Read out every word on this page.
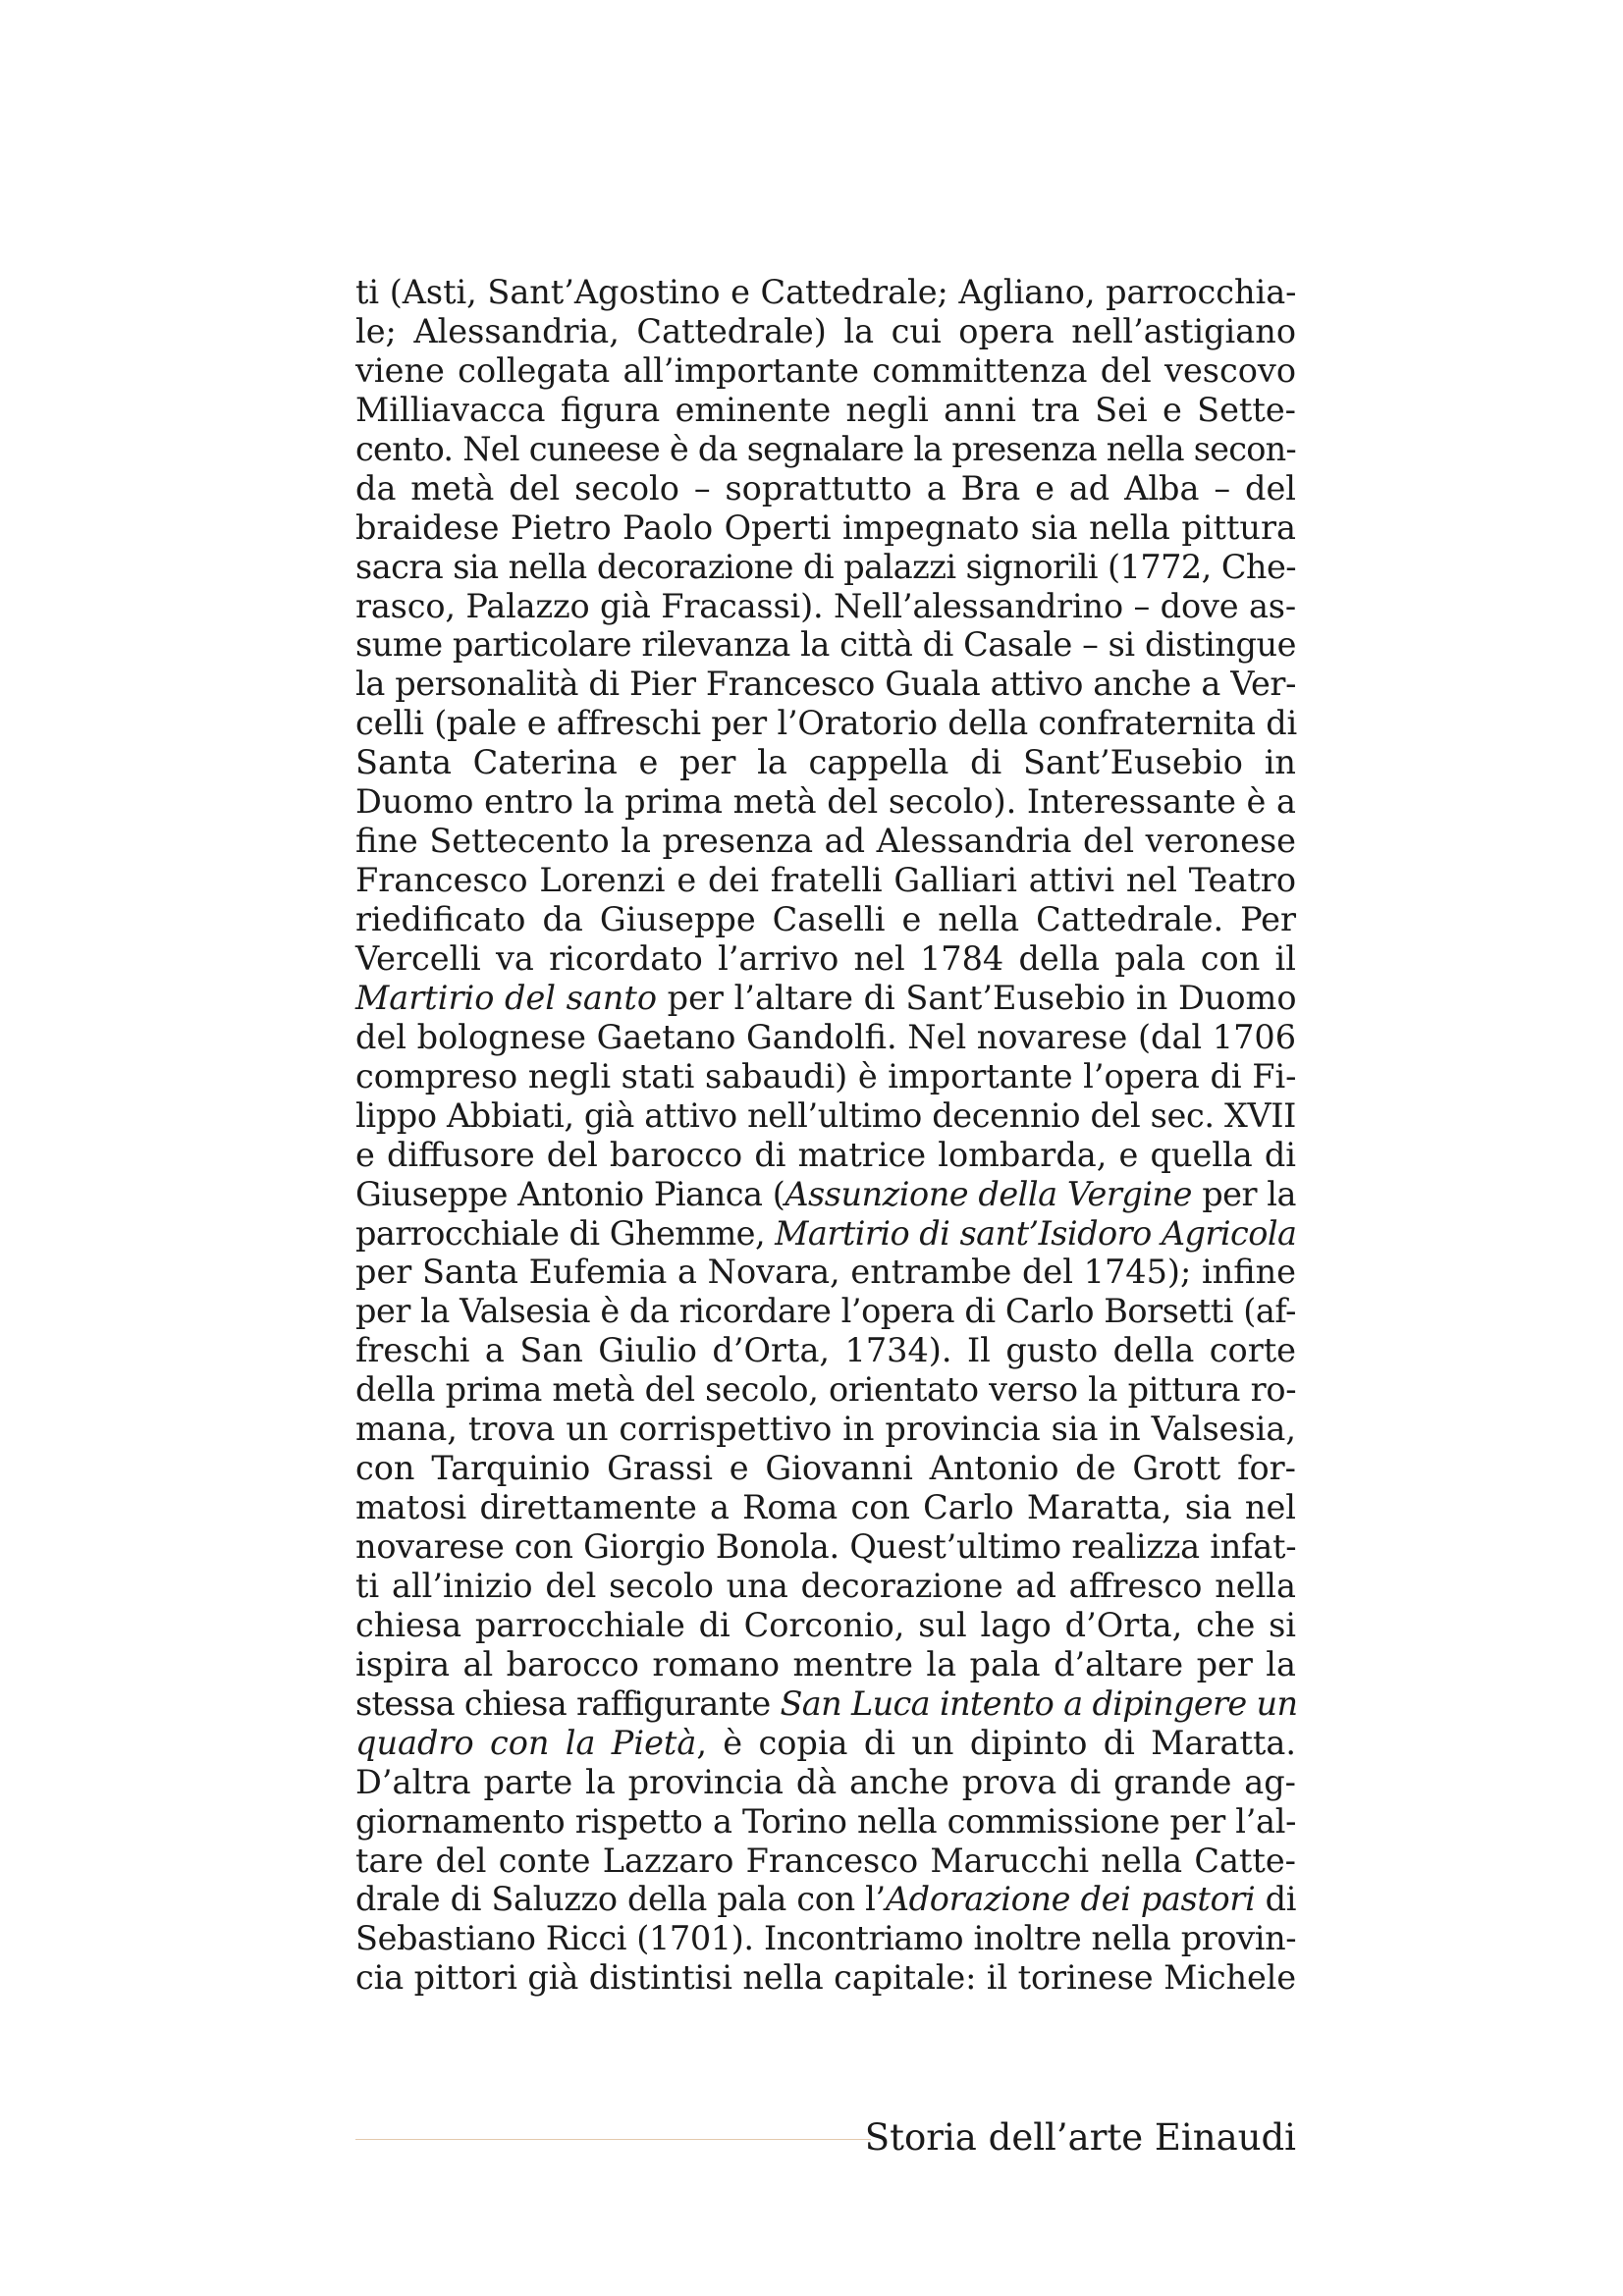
ti (Asti, Sant’Agostino e Cattedrale; Agliano, parrocchia-
le; Alessandria, Cattedrale) la cui opera nell’astigiano
viene collegata all’importante committenza del vescovo
Milliavacca figura eminente negli anni tra Sei e Sette-
cento. Nel cuneese è da segnalare la presenza nella secon-
da metà del secolo – soprattutto a Bra e ad Alba – del
braidese Pietro Paolo Operti impegnato sia nella pittura
sacra sia nella decorazione di palazzi signorili (1772, Che-
rasco, Palazzo già Fracassi). Nell’alessandrino – dove as-
sume particolare rilevanza la città di Casale – si distingue
la personalità di Pier Francesco Guala attivo anche a Ver-
celli (pale e affreschi per l’Oratorio della confraternita di
Santa Caterina e per la cappella di Sant’Eusebio in
Duomo entro la prima metà del secolo). Interessante è a
fine Settecento la presenza ad Alessandria del veronese
Francesco Lorenzi e dei fratelli Galliari attivi nel Teatro
riedificato da Giuseppe Caselli e nella Cattedrale. Per
Vercelli va ricordato l’arrivo nel 1784 della pala con il
Martirio del santo per l’altare di Sant’Eusebio in Duomo
del bolognese Gaetano Gandolfi. Nel novarese (dal 1706
compreso negli stati sabaudi) è importante l’opera di Fi-
lippo Abbiati, già attivo nell’ultimo decennio del sec. XVII
e diffusore del barocco di matrice lombarda, e quella di
Giuseppe Antonio Pianca (Assunzione della Vergine per la
parrocchiale di Ghemme, Martirio di sant’Isidoro Agricola
per Santa Eufemia a Novara, entrambe del 1745); infine
per la Valsesia è da ricordare l’opera di Carlo Borsetti (af-
freschi a San Giulio d’Orta, 1734). Il gusto della corte
della prima metà del secolo, orientato verso la pittura ro-
mana, trova un corrispettivo in provincia sia in Valsesia,
con Tarquinio Grassi e Giovanni Antonio de Grott for-
matosi direttamente a Roma con Carlo Maratta, sia nel
novarese con Giorgio Bonola. Quest’ultimo realizza infat-
ti all’inizio del secolo una decorazione ad affresco nella
chiesa parrocchiale di Corconio, sul lago d’Orta, che si
ispira al barocco romano mentre la pala d’altare per la
stessa chiesa raffigurante San Luca intento a dipingere un
quadro con la Pietà, è copia di un dipinto di Maratta.
D’altra parte la provincia dà anche prova di grande ag-
giornamento rispetto a Torino nella commissione per l’al-
tare del conte Lazzaro Francesco Marucchi nella Catte-
drale di Saluzzo della pala con l’Adorazione dei pastori di
Sebastiano Ricci (1701). Incontriamo inoltre nella provin-
cia pittori già distintisi nella capitale: il torinese Michele
Storia dell’arte Einaudi
